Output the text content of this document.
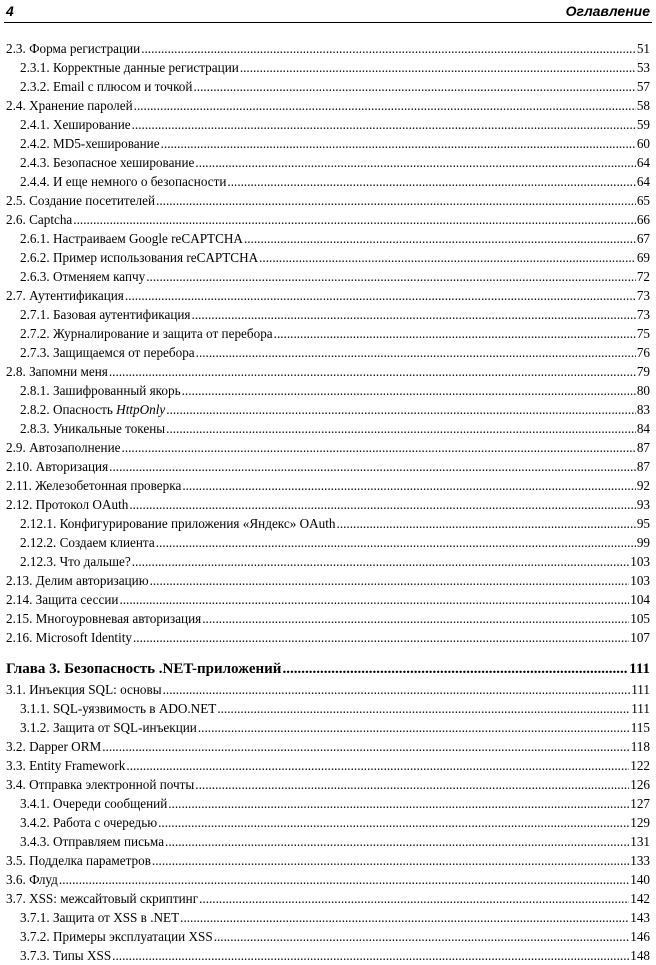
4	Оглавление
2.3. Форма регистрации .....	51
2.3.1. Корректные данные регистрации .....	53
2.3.2. Email с плюсом и точкой .....	57
2.4. Хранение паролей .....	58
2.4.1. Хеширование .....	59
2.4.2. MD5-хеширование .....	60
2.4.3. Безопасное хеширование .....	64
2.4.4. И еще немного о безопасности .....	64
2.5. Создание посетителей .....	65
2.6. Captcha .....	66
2.6.1. Настраиваем Google reCAPTCHA .....	67
2.6.2. Пример использования reCAPTCHA .....	69
2.6.3. Отменяем капчу .....	72
2.7. Аутентификация .....	73
2.7.1. Базовая аутентификация .....	73
2.7.2. Журналирование и защита от перебора .....	75
2.7.3. Защищаемся от перебора .....	76
2.8. Запомни меня .....	79
2.8.1. Зашифрованный якорь .....	80
2.8.2. Опасность HttpOnly .....	83
2.8.3. Уникальные токены .....	84
2.9. Автозаполнение .....	87
2.10. Авторизация .....	87
2.11. Железобетонная проверка .....	92
2.12. Протокол OAuth .....	93
2.12.1. Конфигурирование приложения «Яндекс» OAuth .....	95
2.12.2. Создаем клиента .....	99
2.12.3. Что дальше? .....	103
2.13. Делим авторизацию .....	103
2.14. Защита сессии .....	104
2.15. Многоуровневая авторизация .....	105
2.16. Microsoft Identity .....	107
Глава 3. Безопасность .NET-приложений .....	111
3.1. Инъекция SQL: основы .....	111
3.1.1. SQL-уязвимость в ADO.NET .....	111
3.1.2. Защита от SQL-инъекции .....	115
3.2. Dapper ORM .....	118
3.3. Entity Framework .....	122
3.4. Отправка электронной почты .....	126
3.4.1. Очереди сообщений .....	127
3.4.2. Работа с очередью .....	129
3.4.3. Отправляем письма .....	131
3.5. Подделка параметров .....	133
3.6. Флуд .....	140
3.7. XSS: межсайтовый скриптинг .....	142
3.7.1. Защита от XSS в .NET .....	143
3.7.2. Примеры эксплуатации XSS .....	146
3.7.3. Типы XSS .....	148
